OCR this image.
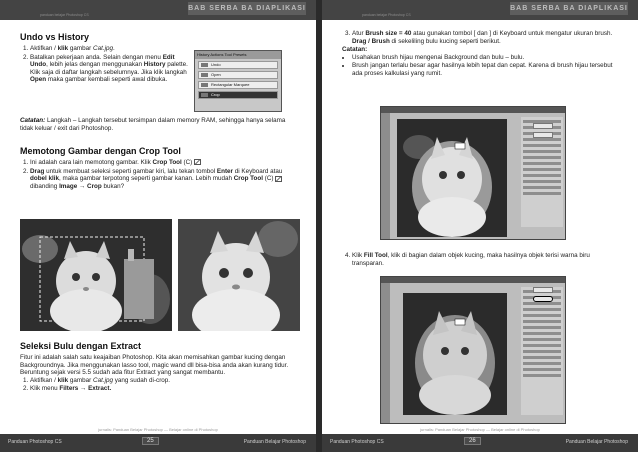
BAB SERBA BA DIAPLIKASI
panduan belajar Photoshop CS
Undo vs History
1. Aktifkan / klik gambar Cat.jpg.
2. Batalkan pekerjaan anda. Selain dengan menu Edit Undo, lebih jelas dengan menggunakan History palette. Klik saja di daftar langkah sebelumnya. Jika klik langkah Open maka gambar kembali seperti awal dibuka.
History Actions Tool Presets
Undo
Open
Rectangular Marquee
Crop
Catatan: Langkah – Langkah tersebut tersimpan dalam memory RAM, sehingga hanya selama tidak keluar / exit dari Photoshop.
Memotong Gambar dengan Crop Tool
1. Ini adalah cara lain memotong gambar. Klik Crop Tool (C)
2. Drag untuk membuat seleksi seperti gambar kiri, lalu tekan tombol Enter di Keyboard atau dobel klik, maka gambar terpotong seperti gambar kanan. Lebih mudah Crop Tool (C)  dibanding Image → Crop bukan?
Seleksi Bulu dengan Extract

Fitur ini adalah salah satu keajaiban Photoshop. Kita akan memisahkan gambar kucing dengan Backgroundnya. Jika menggunakan lasso tool, magic wand dll bisa-bisa anda akan kurang tidur. Beruntung sejak versi 5.5 sudah ada fitur Extract yang sangat membantu.

1. Aktifkan / klik gambar Cat.jpg yang sudah di-crop.
2. Klik menu Filters → Extract.
jurnalis: Panduan Belajar Photoshop — Belajar online di Photoshop
Panduan Photoshop CS	25	Panduan Belajar Photoshop
BAB SERBA BA DIAPLIKASI
panduan belajar Photoshop CS
3. Atur Brush size = 40 atau gunakan tombol [ dan ] di Keyboard untuk mengatur ukuran brush. Drag / Brush di sekeliling bulu kucing seperti berikut.
Catatan:
• Usahakan brush hijau mengenai Background dan bulu – bulu.
• Brush jangan terlalu besar agar hasilnya lebih tepat dan cepat. Karena di brush hijau tersebut ada proses kalkulasi yang rumit.
4. Klik Fill Tool, klik di bagian dalam objek kucing, maka hasilnya objek terisi warna biru transparan.
jurnalis: Panduan Belajar Photoshop — Belajar online di Photoshop
Panduan Photoshop CS	26	Panduan Belajar Photoshop
